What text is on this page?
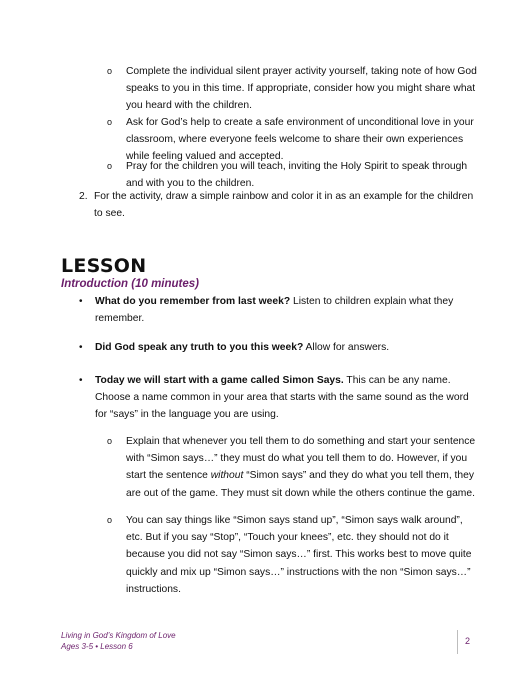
o	Complete the individual silent prayer activity yourself, taking note of how God speaks to you in this time. If appropriate, consider how you might share what you heard with the children.
o	Ask for God’s help to create a safe environment of unconditional love in your classroom, where everyone feels welcome to share their own experiences while feeling valued and accepted.
o	Pray for the children you will teach, inviting the Holy Spirit to speak through and with you to the children.
2. For the activity, draw a simple rainbow and color it in as an example for the children to see.
LESSON
Introduction (10 minutes)
•	What do you remember from last week? Listen to children explain what they remember.
•	Did God speak any truth to you this week? Allow for answers.
•	Today we will start with a game called Simon Says. This can be any name. Choose a name common in your area that starts with the same sound as the word for “says” in the language you are using.
o	Explain that whenever you tell them to do something and start your sentence with “Simon says…” they must do what you tell them to do. However, if you start the sentence without “Simon says” and they do what you tell them, they are out of the game. They must sit down while the others continue the game.
o	You can say things like “Simon says stand up”, “Simon says walk around”, etc. But if you say “Stop”, “Touch your knees”, etc. they should not do it because you did not say “Simon says…” first. This works best to move quite quickly and mix up “Simon says…” instructions with the non “Simon says…” instructions.
Living in God’s Kingdom of Love
Ages 3-5 • Lesson 6
2
